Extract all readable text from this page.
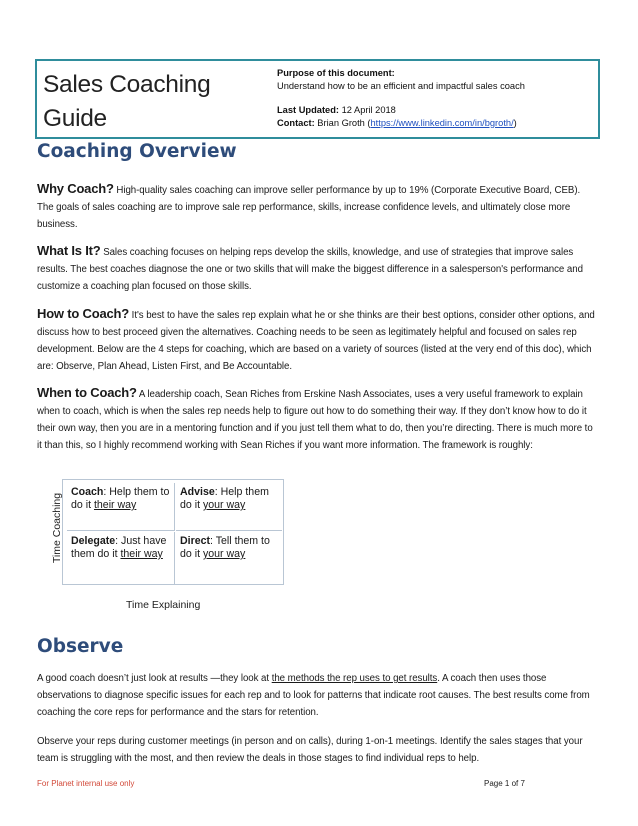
Sales Coaching
Guide
Purpose of this document:
Understand how to be an efficient and impactful sales coach
Last Updated: 12 April 2018
Contact: Brian Groth (https://www.linkedin.com/in/bgroth/)
Coaching Overview

Why Coach? High-quality sales coaching can improve seller performance by up to 19% (Corporate Executive Board, CEB). The goals of sales coaching are to improve sale rep performance, skills, increase confidence levels, and ultimately close more business.

What Is It? Sales coaching focuses on helping reps develop the skills, knowledge, and use of strategies that improve sales results. The best coaches diagnose the one or two skills that will make the biggest difference in a salesperson's performance and customize a coaching plan focused on those skills.

How to Coach? It's best to have the sales rep explain what he or she thinks are their best options, consider other options, and discuss how to best proceed given the alternatives. Coaching needs to be seen as legitimately helpful and focused on sales rep development. Below are the 4 steps for coaching, which are based on a variety of sources (listed at the very end of this doc), which are: Observe, Plan Ahead, Listen First, and Be Accountable.

When to Coach? A leadership coach, Sean Riches from Erskine Nash Associates, uses a very useful framework to explain when to coach, which is when the sales rep needs help to figure out how to do something their way. If they don’t know how to do it their own way, then you are in a mentoring function and if you just tell them what to do, then you’re directing. There is much more to it than this, so I highly recommend working with Sean Riches if you want more information. The framework is roughly:

Time Coaching
Coach: Help them to do it their way
Advise: Help them do it your way
Delegate: Just have them do it their way
Direct: Tell them to do it your way
Time Explaining
Observe

A good coach doesn’t just look at results —they look at the methods the rep uses to get results. A coach then uses those observations to diagnose specific issues for each rep and to look for patterns that indicate root causes. The best results come from coaching the core reps for performance and the stars for retention.

Observe your reps during customer meetings (in person and on calls), during 1-on-1 meetings. Identify the sales stages that your team is struggling with the most, and then review the deals in those stages to find individual reps to help.

For Planet internal use only	Page 1 of 7
